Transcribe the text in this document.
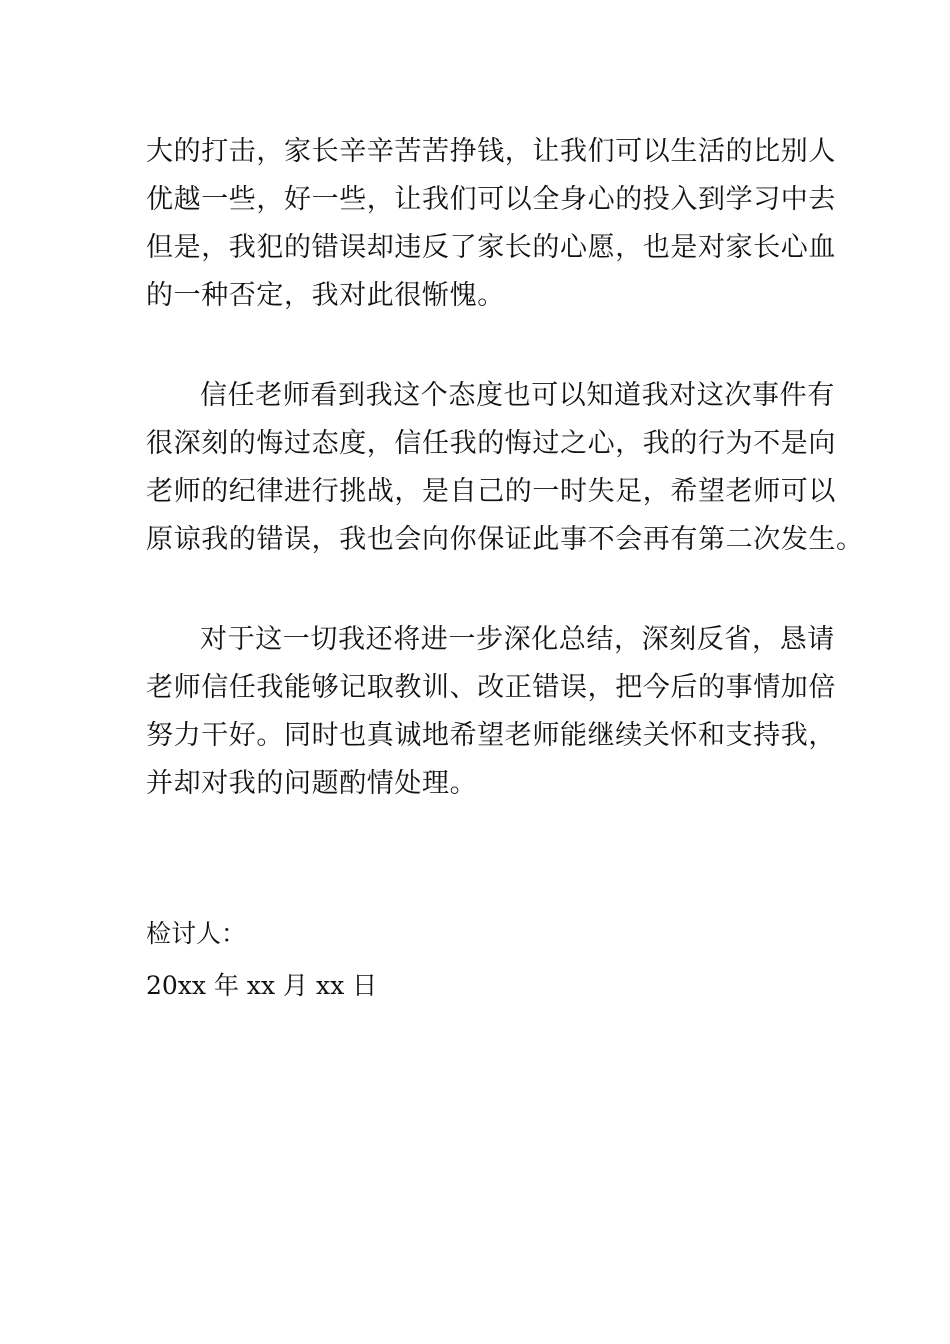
大的打击，家长辛辛苦苦挣钱，让我们可以生活的比别人
优越一些，好一些，让我们可以全身心的投入到学习中去
但是，我犯的错误却违反了家长的心愿，也是对家长心血
的一种否定，我对此很惭愧。
信任老师看到我这个态度也可以知道我对这次事件有
很深刻的悔过态度，信任我的悔过之心，我的行为不是向
老师的纪律进行挑战，是自己的一时失足，希望老师可以
原谅我的错误，我也会向你保证此事不会再有第二次发生。
对于这一切我还将进一步深化总结，深刻反省，恳请
老师信任我能够记取教训、改正错误，把今后的事情加倍
努力干好。同时也真诚地希望老师能继续关怀和支持我，
并却对我的问题酌情处理。
检讨人：
20xx 年 xx 月 xx 日
